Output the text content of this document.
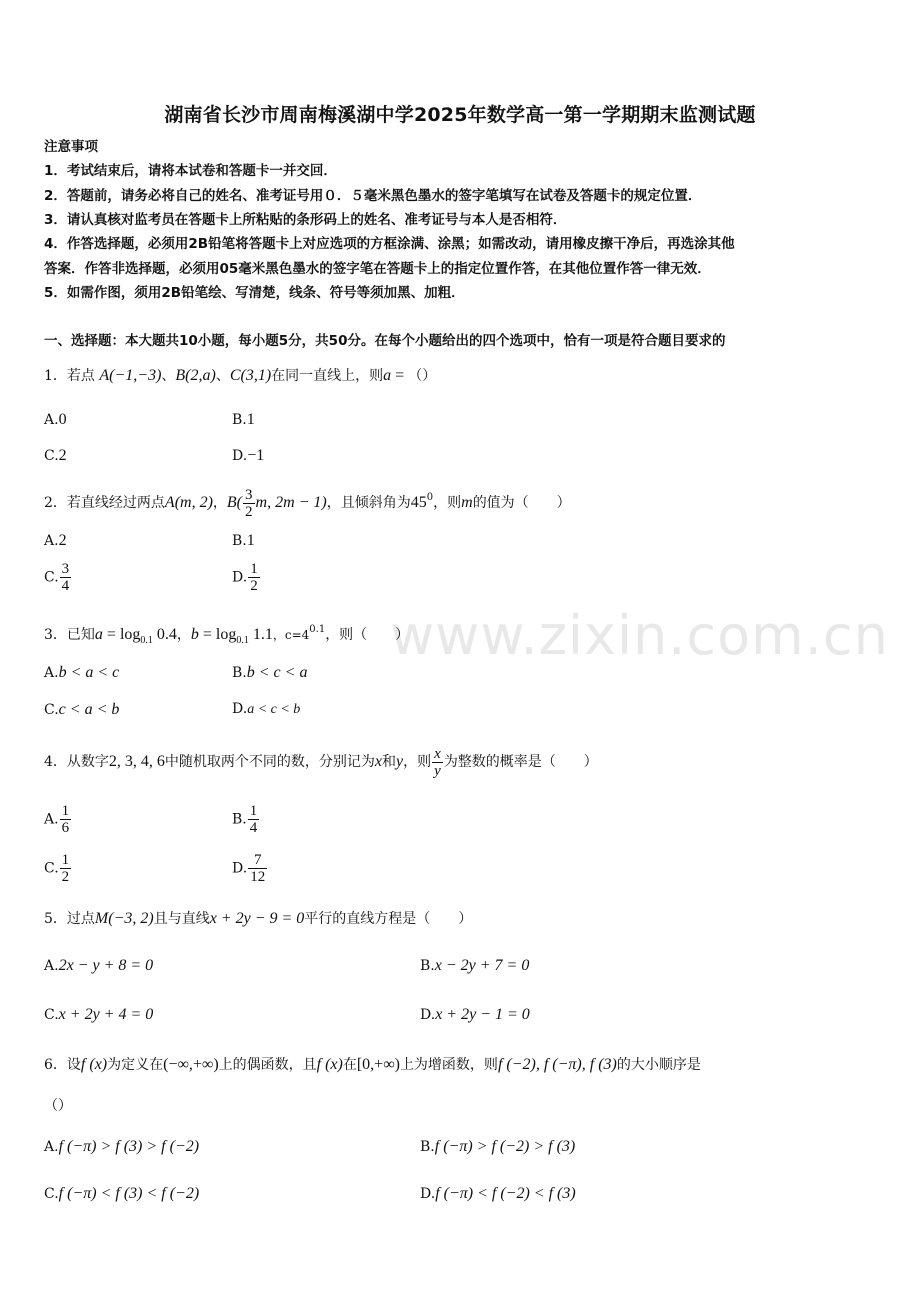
湖南省长沙市周南梅溪湖中学2025年数学高一第一学期期末监测试题
注意事项
1．考试结束后，请将本试卷和答题卡一并交回．
2．答题前，请务必将自己的姓名、准考证号用０．５毫米黑色墨水的签字笔填写在试卷及答题卡的规定位置．
3．请认真核对监考员在答题卡上所粘贴的条形码上的姓名、准考证号与本人是否相符．
4．作答选择题，必须用2B铅笔将答题卡上对应选项的方框涂满、涂黑；如需改动，请用橡皮擦干净后，再选涂其他
答案．作答非选择题，必须用05毫米黑色墨水的签字笔在答题卡上的指定位置作答，在其他位置作答一律无效．
5．如需作图，须用2B铅笔绘、写清楚，线条、符号等须加黑、加粗．
一、选择题：本大题共10小题，每小题5分，共50分。在每个小题给出的四个选项中，恰有一项是符合题目要求的
www.zixin.com.cn
1．若点 A(−1,−3)、B(2,a)、C(3,1)在同一直线上，则a = （）
A.0	B.1
C.2	D.−1
2．若直线经过两点A(m, 2)，$B( \frac{3}{2} m$, 2m − 1)，且倾斜角为$45^0$，则m的值为（　　）
A.2	B.1
C. $\frac{3}{4}$	D. $\frac{1}{2}$
3．已知$a = \log_{0.1} 0.4$，$b = \log_{0.1} 1.1$，$c=4^{0.1}$，则（　　）
A.b < a < c	B.b < c < a
C.c < a < b	D.a < c < b
4．从数字2, 3, 4, 6中随机取两个不同的数，分别记为x和y，则 $\frac{x}{y}$ 为整数的概率是（　　）
A. $\frac{1}{6}$	B. $\frac{1}{4}$
C. $\frac{1}{2}$	D. $\frac{7}{12}$
5．过点M(−3, 2)且与直线x + 2y − 9 = 0平行的直线方程是（　　）
A.2x − y + 8 = 0	B.x − 2y + 7 = 0
C.x + 2y + 4 = 0	D.x + 2y − 1 = 0
6．设f (x)为定义在(−∞,+∞)上的偶函数，且f (x)在[0,+∞)上为增函数，则f (−2), f (−π), f (3)的大小顺序是
（）
A.f (−π) > f (3) > f (−2)	B.f (−π) > f (−2) > f (3)
C.f (−π) < f (3) < f (−2)	D.f (−π) < f (−2) < f (3)
